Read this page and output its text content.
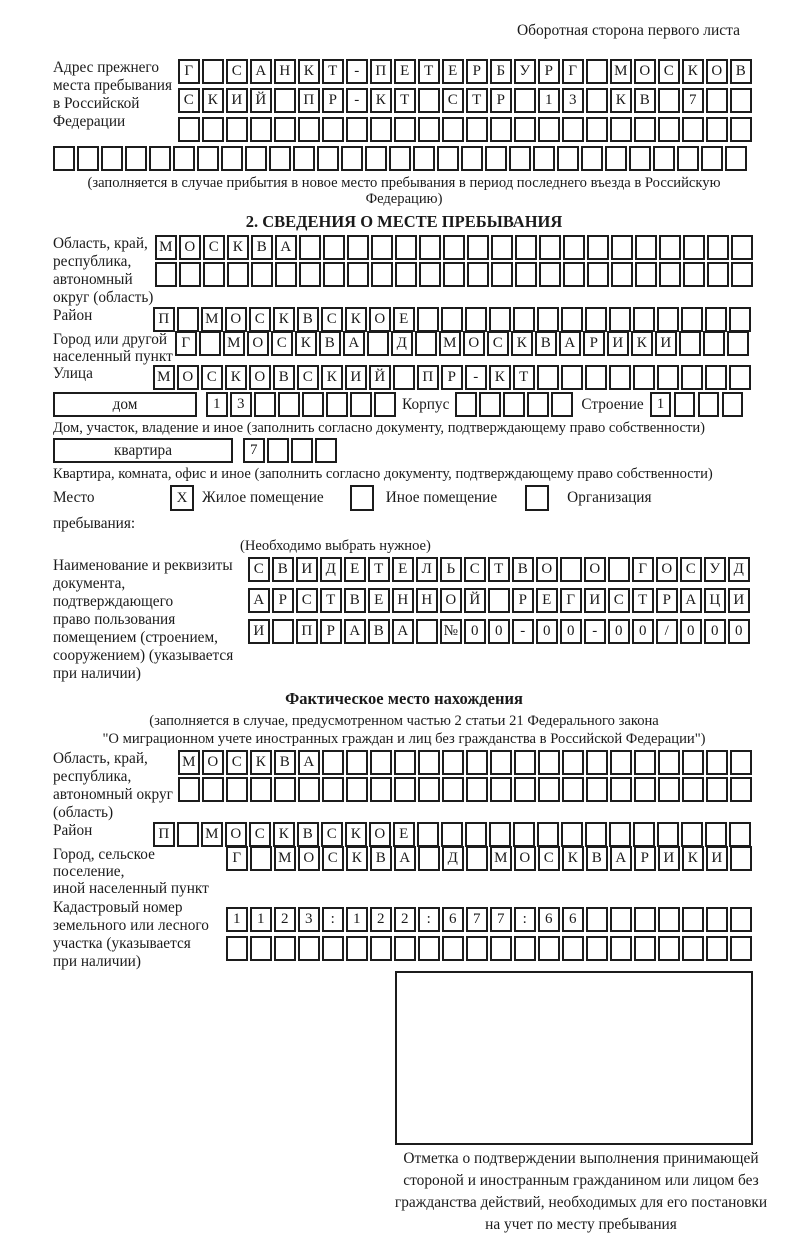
Оборотная сторона первого листа
Адрес прежнего
места пребывания
в Российской
Федерации
Г	С А Н К Т	-	П Е Т Е	Р	Б У Р	Г	М О С К О В
С К И Й	П Р	-	К Т	С Т	Р	1	3	К В	7
(заполняется в случае прибытия в новое место пребывания в период последнего въезда в Российскую Федерацию)
2. СВЕДЕНИЯ О МЕСТЕ ПРЕБЫВАНИЯ
Область, край,
республика,
автономный
округ (область)
М О С К В А
Район	П	М О С К В С К О Е
Город или другой
населенный пункт
Г	М О С К В А	Д	М О С К В А Р И К И
Улица	М О С К О В С К И Й	П Р	-	К Т
дом	1	3	Корпус	Строение 1
Дом, участок, владение и иное (заполнить согласно документу, подтверждающему право собственности)
квартира	7
Квартира, комната, офис и иное (заполнить согласно документу, подтверждающему право собственности)
Место пребывания:
X Жилое помещение	Иное помещение	Организация
(Необходимо выбрать нужное)
Наименование и реквизиты
документа, подтверждающего
право пользования
помещением (строением,
сооружением) (указывается
при наличии)
С В И Д Е Т Е Л Ь С Т В О	О	Г О С У Д
А Р С Т В Е Н Н О Й	Р	Е	Г И С Т	Р А Ц И
И	П Р А В А	№ 0	0	-	0	0	-	0	0	/	0	0	0
Фактическое место нахождения
(заполняется в случае, предусмотренном частью 2 статьи 21 Федерального закона
"О миграционном учете иностранных граждан и лиц без гражданства в Российской Федерации")
Область, край,
республика,
автономный округ
(область)
М О С К В А
Район	П	М О С К В С К О Е
Город, сельское поселение,
иной населенный пункт
Г	М О С К В А	Д	М О С К В А Р И К И
Кадастровый номер
земельного или лесного
участка (указывается
при наличии)
1	1	2	3	:	1	2	2	:	6	7	7	:	6	6
Отметка о подтверждении выполнения принимающей
стороной и иностранным гражданином или лицом без
гражданства действий, необходимых для его постановки
на учет по месту пребывания
